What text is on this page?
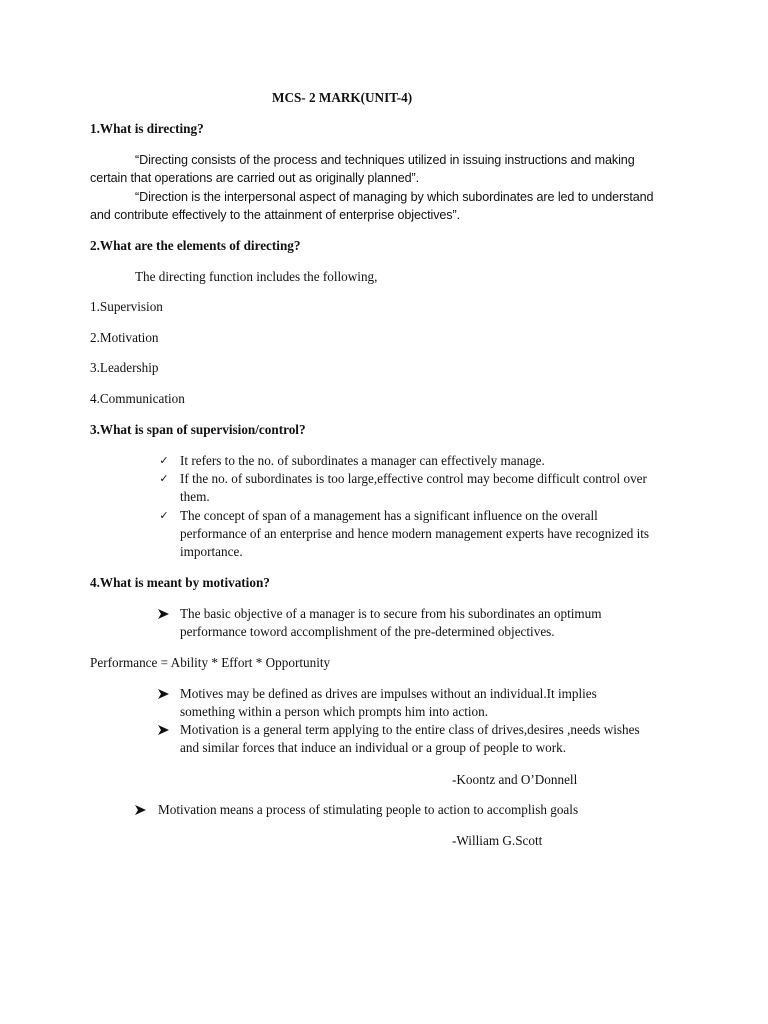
MCS- 2 MARK(UNIT-4)
1.What is directing?
“Directing consists of the process and techniques utilized in issuing instructions and making
certain that operations are carried out as originally planned”.
“Direction is the interpersonal aspect of managing by which subordinates are led to understand
and contribute effectively to the attainment of enterprise objectives”.
2.What are the elements of directing?
The directing function includes the following,
1.Supervision
2.Motivation
3.Leadership
4.Communication
3.What is span of supervision/control?
✓ It refers to the no. of subordinates a manager can effectively manage.
✓ If the no. of subordinates is too large,effective control may become difficult control over
them.
✓ The concept of span of a management has a significant influence on the overall
performance of an enterprise and hence modern management experts have recognized its
importance.
4.What is meant by motivation?
The basic objective of a manager is to secure from his subordinates an optimum
performance toword accomplishment of the pre-determined objectives.
Performance = Ability * Effort * Opportunity
Motives may be defined as drives are impulses without an individual.It implies
something within a person which prompts him into action.
Motivation is a general term applying to the entire class of drives,desires ,needs wishes
and similar forces that induce an individual or a group of people to work.
-Koontz and O’Donnell
Motivation means a process of stimulating people to action to accomplish goals
-William G.Scott
